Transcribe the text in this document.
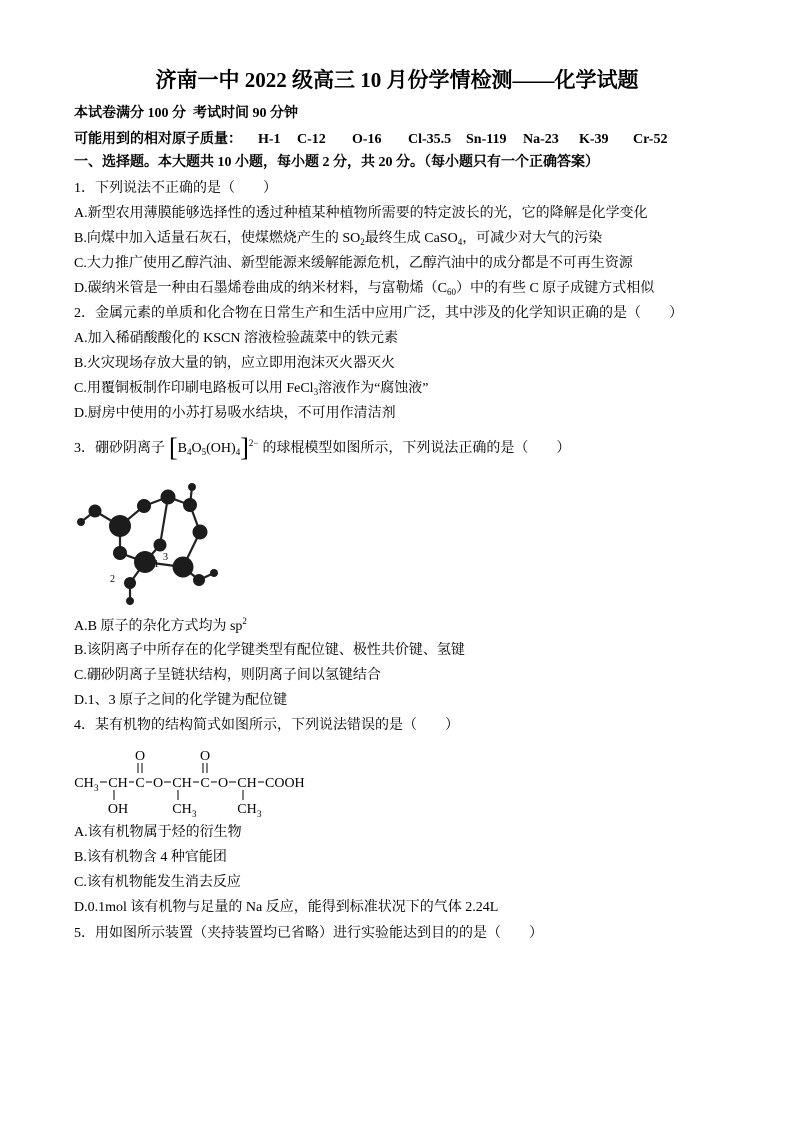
济南一中 2022 级高三 10 月份学情检测——化学试题
本试卷满分 100 分  考试时间 90 分钟
可能用到的相对原子质量： H-1 C-12 O-16 Cl-35.5 Sn-119 Na-23 K-39 Cr-52
一、选择题。本大题共 10 小题，每小题 2 分，共 20 分。（每小题只有一个正确答案）
1．下列说法不正确的是（　　）
A.新型农用薄膜能够选择性的透过种植某种植物所需要的特定波长的光，它的降解是化学变化
B.向煤中加入适量石灰石，使煤燃烧产生的 $SO_2$最终生成 CaSO$_4$，可减少对大气的污染
C.大力推广使用乙醇汽油、新型能源来缓解能源危机，乙醇汽油中的成分都是不可再生资源
D.碳纳米管是一种由石墨烯卷曲成的纳米材料，与富勒烯$(C_{60})$中的有些 C 原子成键方式相似
2．金属元素的单质和化合物在日常生产和生活中应用广泛，其中涉及的化学知识正确的是（　　）
A.加入稀硝酸酸化的 KSCN 溶液检验蔬菜中的铁元素
B.火灾现场存放大量的钠，应立即用泡沫灭火器灭火
C.用覆铜板制作印刷电路板可以用 FeCl$_3$溶液作为“腐蚀液”
D.厨房中使用的小苏打易吸水结块，不可用作清洁剂
3．硼砂阴离子 $[B_4O_5(OH)_4]^{2-}$ 的球棍模型如图所示，下列说法正确的是（　　）
1
2
3
A.B 原子的杂化方式均为 $sp^2$
B.该阴离子中所存在的化学键类型有配位键、极性共价键、氢键
C.硼砂阴离子呈链状结构，则阴离子间以氢键结合
D.1、3 原子之间的化学键为配位键
4．某有机物的结构简式如图所示，下列说法错误的是（　　）
O	O
CH CH C O CH C O CH
OH	CH	CH
3
3	3
COOH
A.该有机物属于烃的衍生物
B.该有机物含 4 种官能团
C.该有机物能发生消去反应
D.0.1mol 该有机物与足量的 Na 反应，能得到标准状况下的气体 2.24L
5．用如图所示装置（夹持装置均已省略）进行实验能达到目的的是（　　）
